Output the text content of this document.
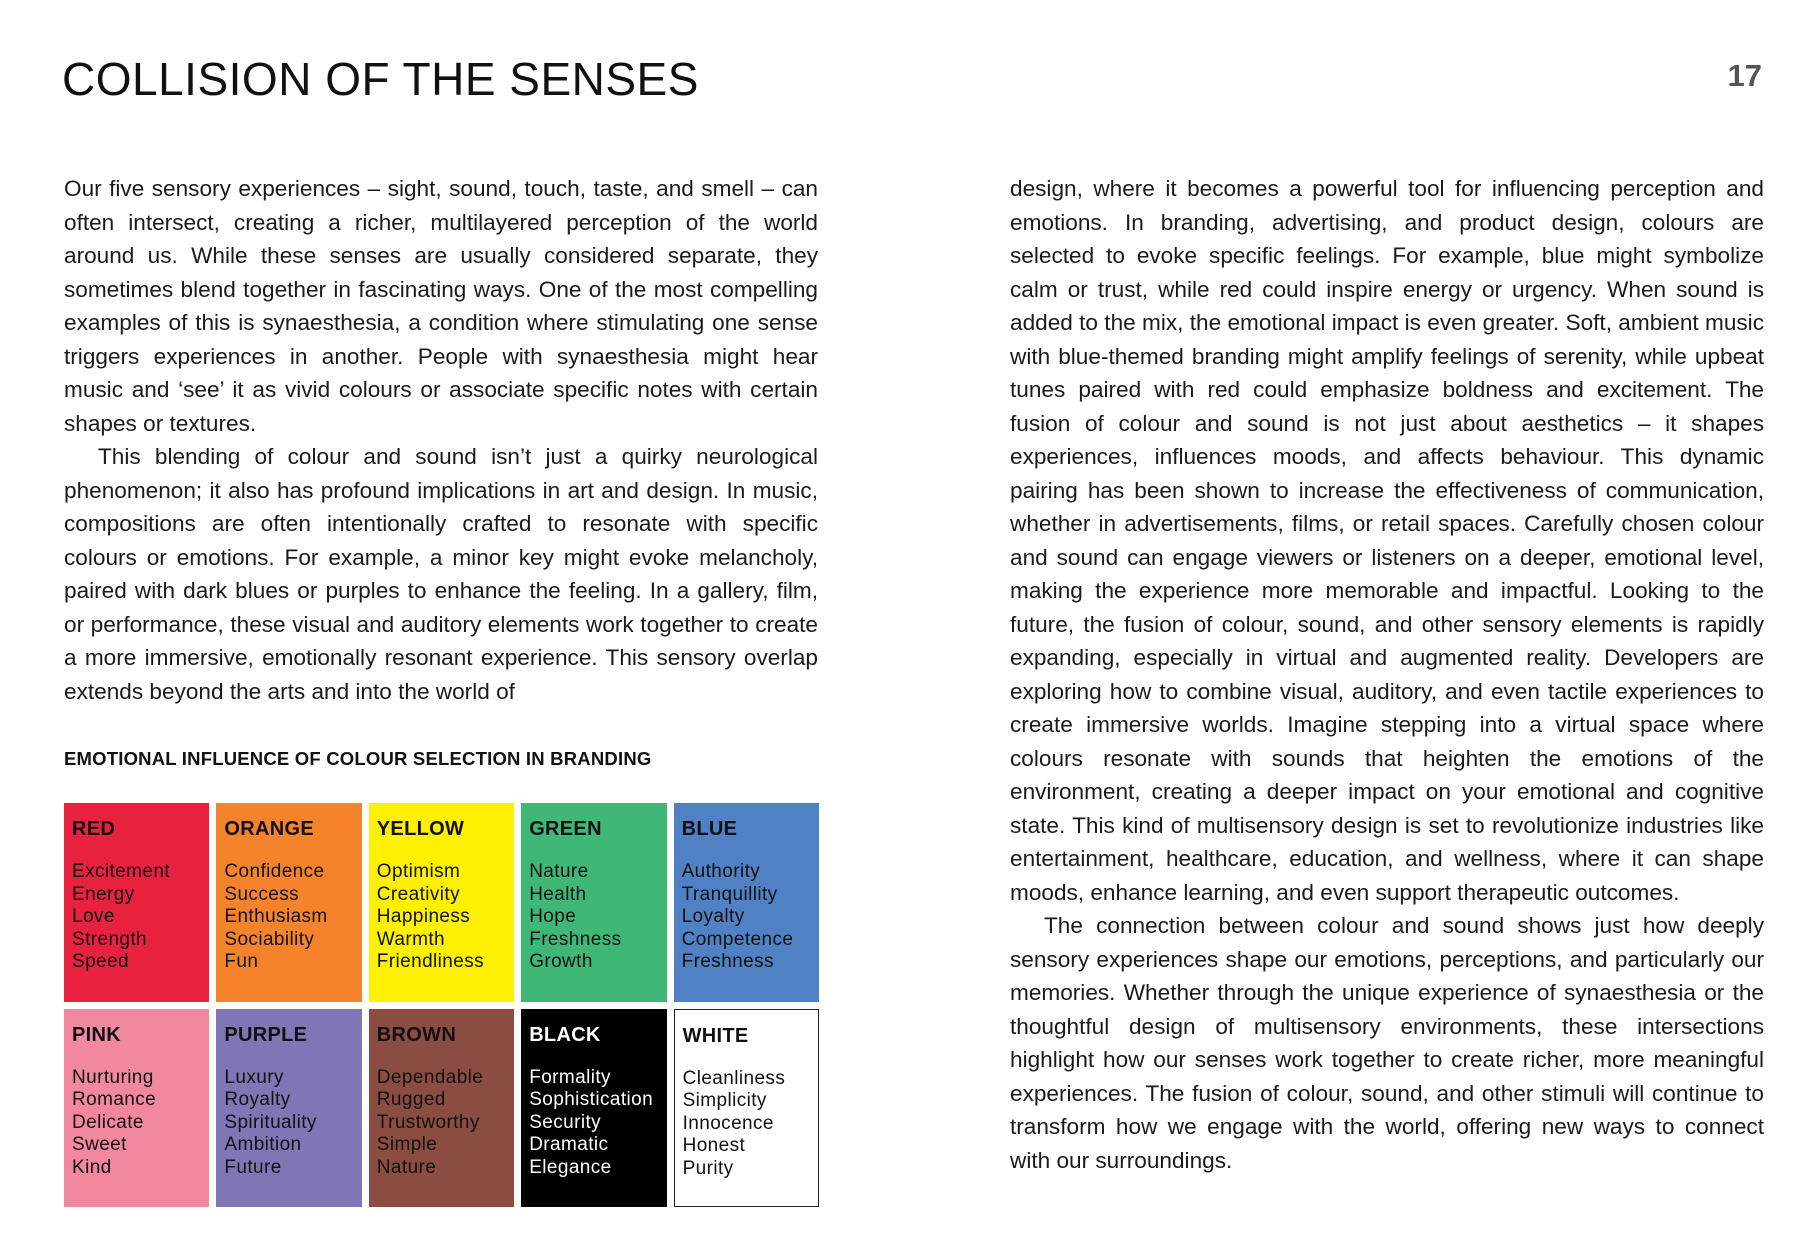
COLLISION OF THE SENSES	17

Our five sensory experiences – sight, sound, touch, taste, and smell – can often intersect, creating a richer, multilayered perception of the world around us. While these senses are usually considered separate, they sometimes blend together in fascinating ways. One of the most compelling examples of this is synaesthesia, a condition where stimulating one sense triggers experiences in another. People with synaesthesia might hear music and ‘see’ it as vivid colours or associate specific notes with certain shapes or textures.

This blending of colour and sound isn’t just a quirky neurological phenomenon; it also has profound implications in art and design. In music, compositions are often intentionally crafted to resonate with specific colours or emotions. For example, a minor key might evoke melancholy, paired with dark blues or purples to enhance the feeling. In a gallery, film, or performance, these visual and auditory elements work together to create a more immersive, emotionally resonant experience. This sensory overlap extends beyond the arts and into the world of

design, where it becomes a powerful tool for influencing perception and emotions. In branding, advertising, and product design, colours are selected to evoke specific feelings. For example, blue might symbolize calm or trust, while red could inspire energy or urgency. When sound is added to the mix, the emotional impact is even greater. Soft, ambient music with blue-themed branding might amplify feelings of serenity, while upbeat tunes paired with red could emphasize boldness and excitement. The fusion of colour and sound is not just about aesthetics – it shapes experiences, influences moods, and affects behaviour. This dynamic pairing has been shown to increase the effectiveness of communication, whether in advertisements, films, or retail spaces. Carefully chosen colour and sound can engage viewers or listeners on a deeper, emotional level, making the experience more memorable and impactful. Looking to the future, the fusion of colour, sound, and other sensory elements is rapidly expanding, especially in virtual and augmented reality. Developers are exploring how to combine visual, auditory, and even tactile experiences to create immersive worlds. Imagine stepping into a virtual space where colours resonate with sounds that heighten the emotions of the environment, creating a deeper impact on your emotional and cognitive state. This kind of multisensory design is set to revolutionize industries like entertainment, healthcare, education, and wellness, where it can shape moods, enhance learning, and even support therapeutic outcomes.

The connection between colour and sound shows just how deeply sensory experiences shape our emotions, perceptions, and particularly our memories. Whether through the unique experience of synaesthesia or the thoughtful design of multisensory environments, these intersections highlight how our senses work together to create richer, more meaningful experiences. The fusion of colour, sound, and other stimuli will continue to transform how we engage with the world, offering new ways to connect with our surroundings.

EMOTIONAL INFLUENCE OF COLOUR SELECTION IN BRANDING
RED
Excitement
Energy
Love
Strength
Speed
ORANGE
Confidence
Success
Enthusiasm
Sociability
Fun
YELLOW
Optimism
Creativity
Happiness
Warmth
Friendliness
GREEN
Nature
Health
Hope
Freshness
Growth
BLUE
Authority
Tranquillity
Loyalty
Competence
Freshness
PINK
Nurturing
Romance
Delicate
Sweet
Kind
PURPLE
Luxury
Royalty
Spirituality
Ambition
Future
BROWN
Dependable
Rugged
Trustworthy
Simple
Nature
BLACK
Formality
Sophistication
Security
Dramatic
Elegance
WHITE
Cleanliness
Simplicity
Innocence
Honest
Purity
